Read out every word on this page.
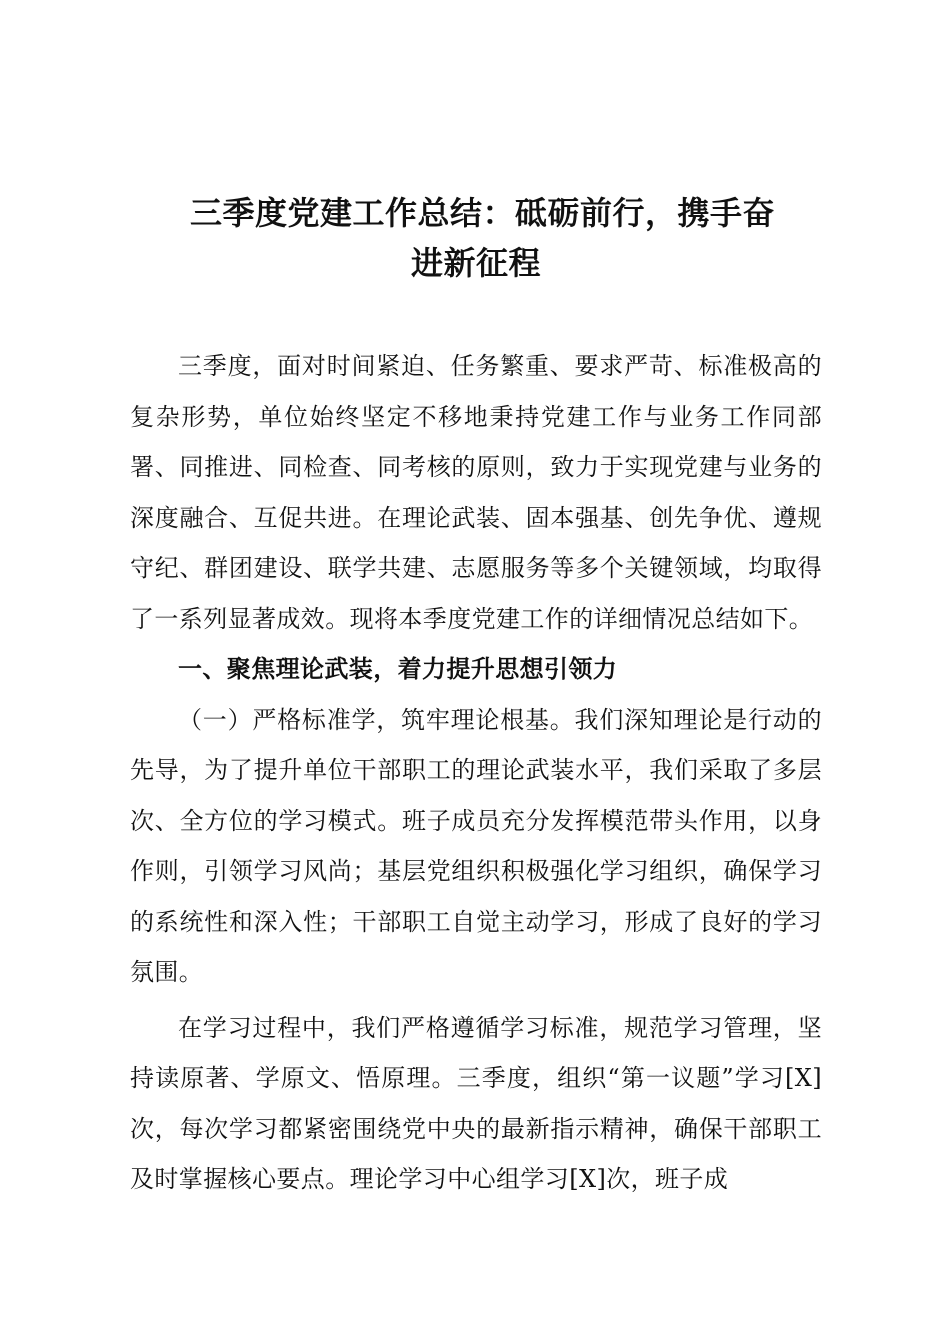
三季度党建工作总结：砥砺前行，携手奋
进新征程

三季度，面对时间紧迫、任务繁重、要求严苛、标准极高的复杂形势，单位始终坚定不移地秉持党建工作与业务工作同部署、同推进、同检查、同考核的原则，致力于实现党建与业务的深度融合、互促共进。在理论武装、固本强基、创先争优、遵规守纪、群团建设、联学共建、志愿服务等多个关键领域，均取得了一系列显著成效。现将本季度党建工作的详细情况总结如下。

一、聚焦理论武装，着力提升思想引领力

（一）严格标准学，筑牢理论根基。我们深知理论是行动的先导，为了提升单位干部职工的理论武装水平，我们采取了多层次、全方位的学习模式。班子成员充分发挥模范带头作用，以身作则，引领学习风尚；基层党组织积极强化学习组织，确保学习的系统性和深入性；干部职工自觉主动学习，形成了良好的学习氛围。

在学习过程中，我们严格遵循学习标准，规范学习管理，坚持读原著、学原文、悟原理。三季度，组织“第一议题”学习[X]次，每次学习都紧密围绕党中央的最新指示精神，确保干部职工及时掌握核心要点。理论学习中心组学习[X]次，班子成
